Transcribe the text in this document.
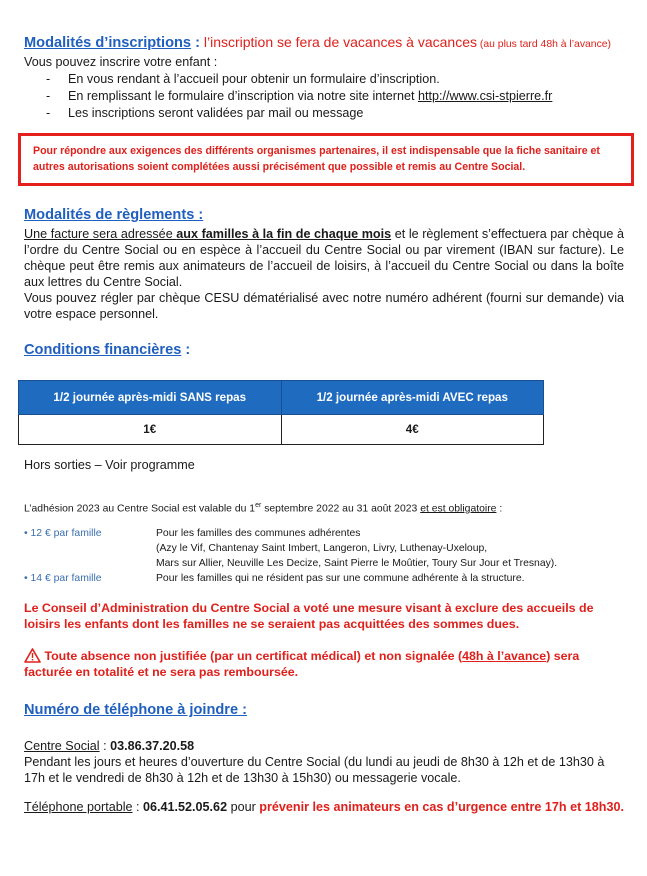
Modalités d’inscriptions : l’inscription se fera de vacances à vacances (au plus tard 48h à l’avance)
Vous pouvez inscrire votre enfant :
- En vous rendant à l’accueil pour obtenir un formulaire d’inscription.
- En remplissant le formulaire d’inscription via notre site internet http://www.csi-stpierre.fr
- Les inscriptions seront validées par mail ou message
Pour répondre aux exigences des différents organismes partenaires, il est indispensable que la fiche sanitaire et autres autorisations soient complétées aussi précisément que possible et remis au Centre Social.
Modalités de règlements :
Une facture sera adressée aux familles à la fin de chaque mois et le règlement s’effectuera par chèque à l’ordre du Centre Social ou en espèce à l’accueil du Centre Social ou par virement (IBAN sur facture). Le chèque peut être remis aux animateurs de l’accueil de loisirs, à l’accueil du Centre Social ou dans la boîte aux lettres du Centre Social.
Vous pouvez régler par chèque CESU dématérialisé avec notre numéro adhérent (fourni sur demande) via votre espace personnel.
Conditions financières :
1/2 journée après-midi SANS repas	1/2 journée après-midi AVEC repas
1€	4€
Hors sorties – Voir programme
L’adhésion 2023 au Centre Social est valable du 1er septembre 2022 au 31 août 2023 et est obligatoire :
• 12 € par famille	Pour les familles des communes adhérentes
(Azy le Vif, Chantenay Saint Imbert, Langeron, Livry, Luthenay-Uxeloup,
Mars sur Allier, Neuville Les Decize, Saint Pierre le Moûtier, Toury Sur Jour et Tresnay).
• 14 € par famille	Pour les familles qui ne résident pas sur une commune adhérente à la structure.
Le Conseil d’Administration du Centre Social a voté une mesure visant à exclure des accueils de loisirs les enfants dont les familles ne se seraient pas acquittées des sommes dues.
Toute absence non justifiée (par un certificat médical) et non signalée (48h à l’avance) sera facturée en totalité et ne sera pas remboursée.
Numéro de téléphone à joindre :
Centre Social : 03.86.37.20.58
Pendant les jours et heures d’ouverture du Centre Social (du lundi au jeudi de 8h30 à 12h et de 13h30 à 17h et le vendredi de 8h30 à 12h et de 13h30 à 15h30) ou messagerie vocale.
Téléphone portable : 06.41.52.05.62 pour prévenir les animateurs en cas d’urgence entre 17h et 18h30.
